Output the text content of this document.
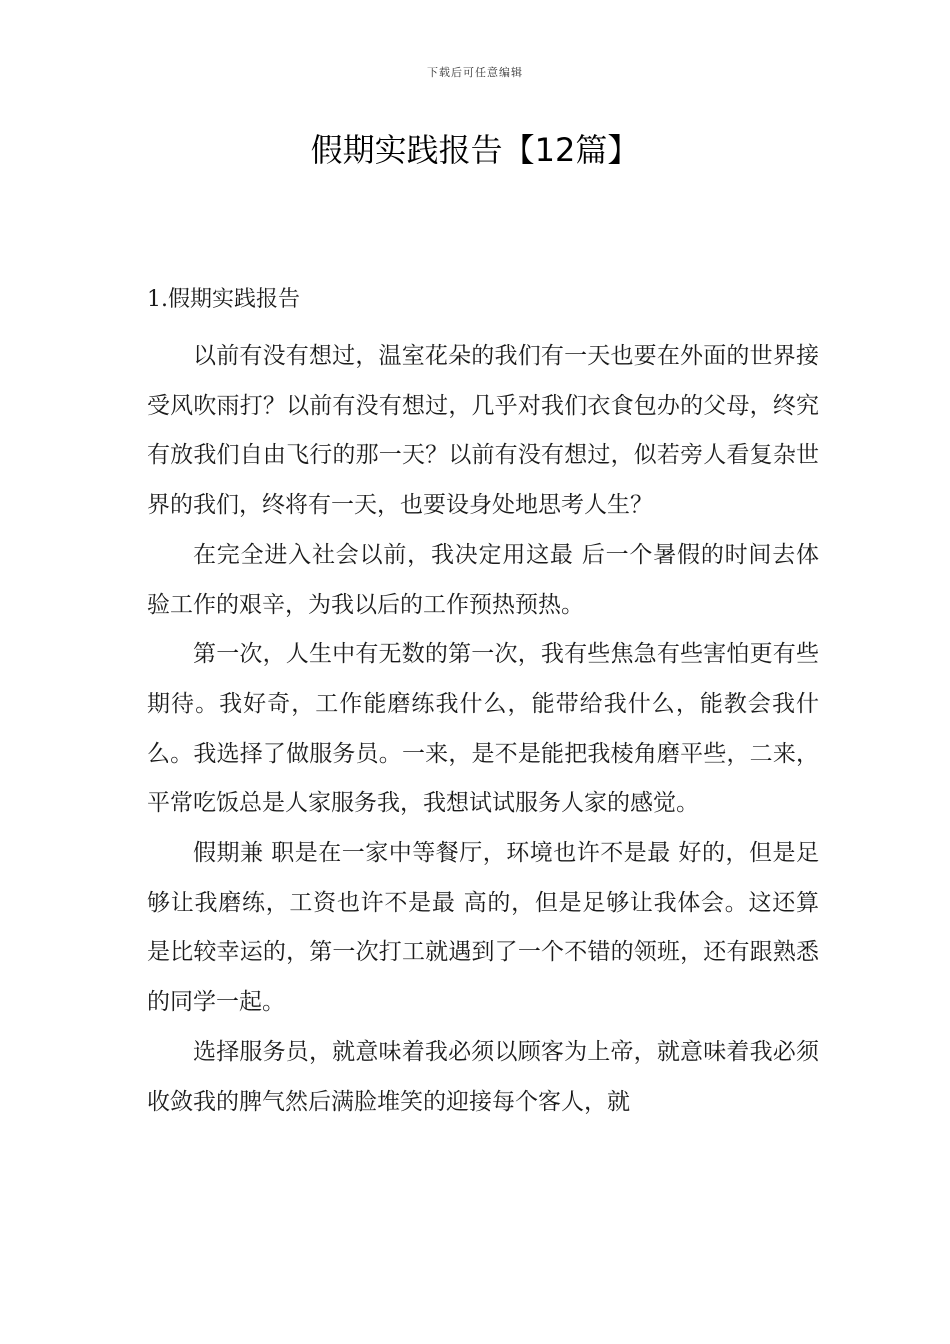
下载后可任意编辑
假期实践报告【12篇】
1.假期实践报告

以前有没有想过，温室花朵的我们有一天也要在外面的世界接受风吹雨打？以前有没有想过，几乎对我们衣食包办的父母，终究有放我们自由飞行的那一天？以前有没有想过，似若旁人看复杂世界的我们，终将有一天，也要设身处地思考人生？

在完全进入社会以前，我决定用这最 后一个暑假的时间去体验工作的艰辛，为我以后的工作预热预热。

第一次，人生中有无数的第一次，我有些焦急有些害怕更有些期待。我好奇，工作能磨练我什么，能带给我什么，能教会我什么。我选择了做服务员。一来，是不是能把我棱角磨平些，二来，平常吃饭总是人家服务我，我想试试服务人家的感觉。

假期兼 职是在一家中等餐厅，环境也许不是最 好的，但是足够让我磨练，工资也许不是最 高的，但是足够让我体会。这还算是比较幸运的，第一次打工就遇到了一个不错的领班，还有跟熟悉的同学一起。

选择服务员，就意味着我必须以顾客为上帝，就意味着我必须收敛我的脾气然后满脸堆笑的迎接每个客人，就
